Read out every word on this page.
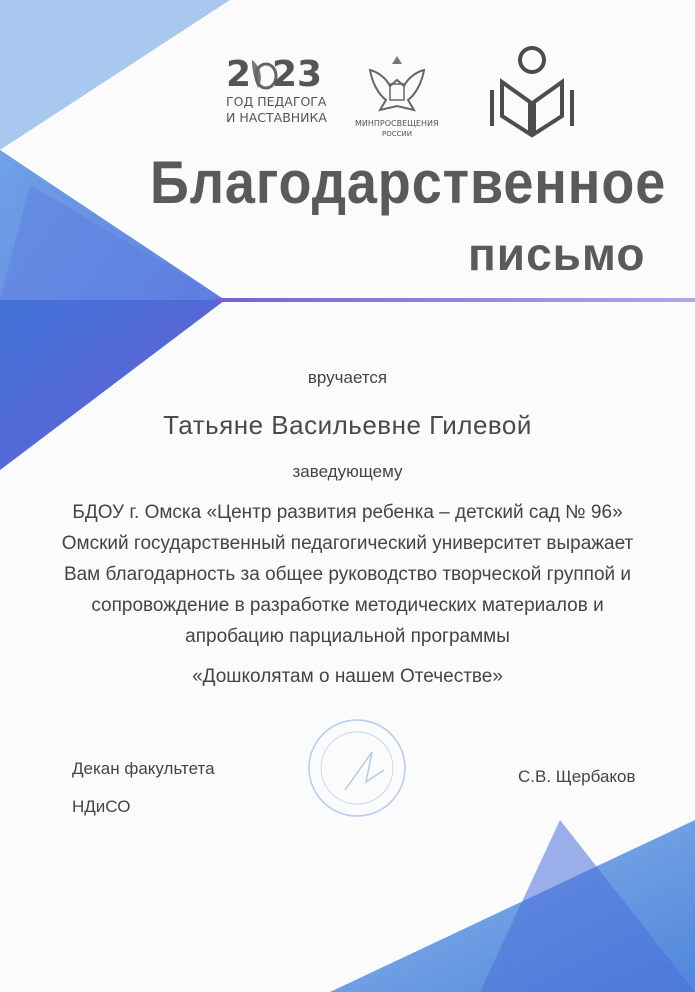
2 23
ГОД ПЕДАГОГА
И НАСТАВНИКА	МИНПРОСВЕЩЕНИЯ
РОССИИ
Благодарственное
письмо
вручается
Татьяне Васильевне Гилевой
заведующему
БДОУ г. Омска «Центр развития ребенка – детский сад № 96»
Омский государственный педагогический университет выражает
Вам благодарность за общее руководство творческой группой и
сопровождение в разработке методических материалов и
апробацию парциальной программы
«Дошколятам о нашем Отечестве»
Декан факультета
НДиСО
С.В. Щербаков
